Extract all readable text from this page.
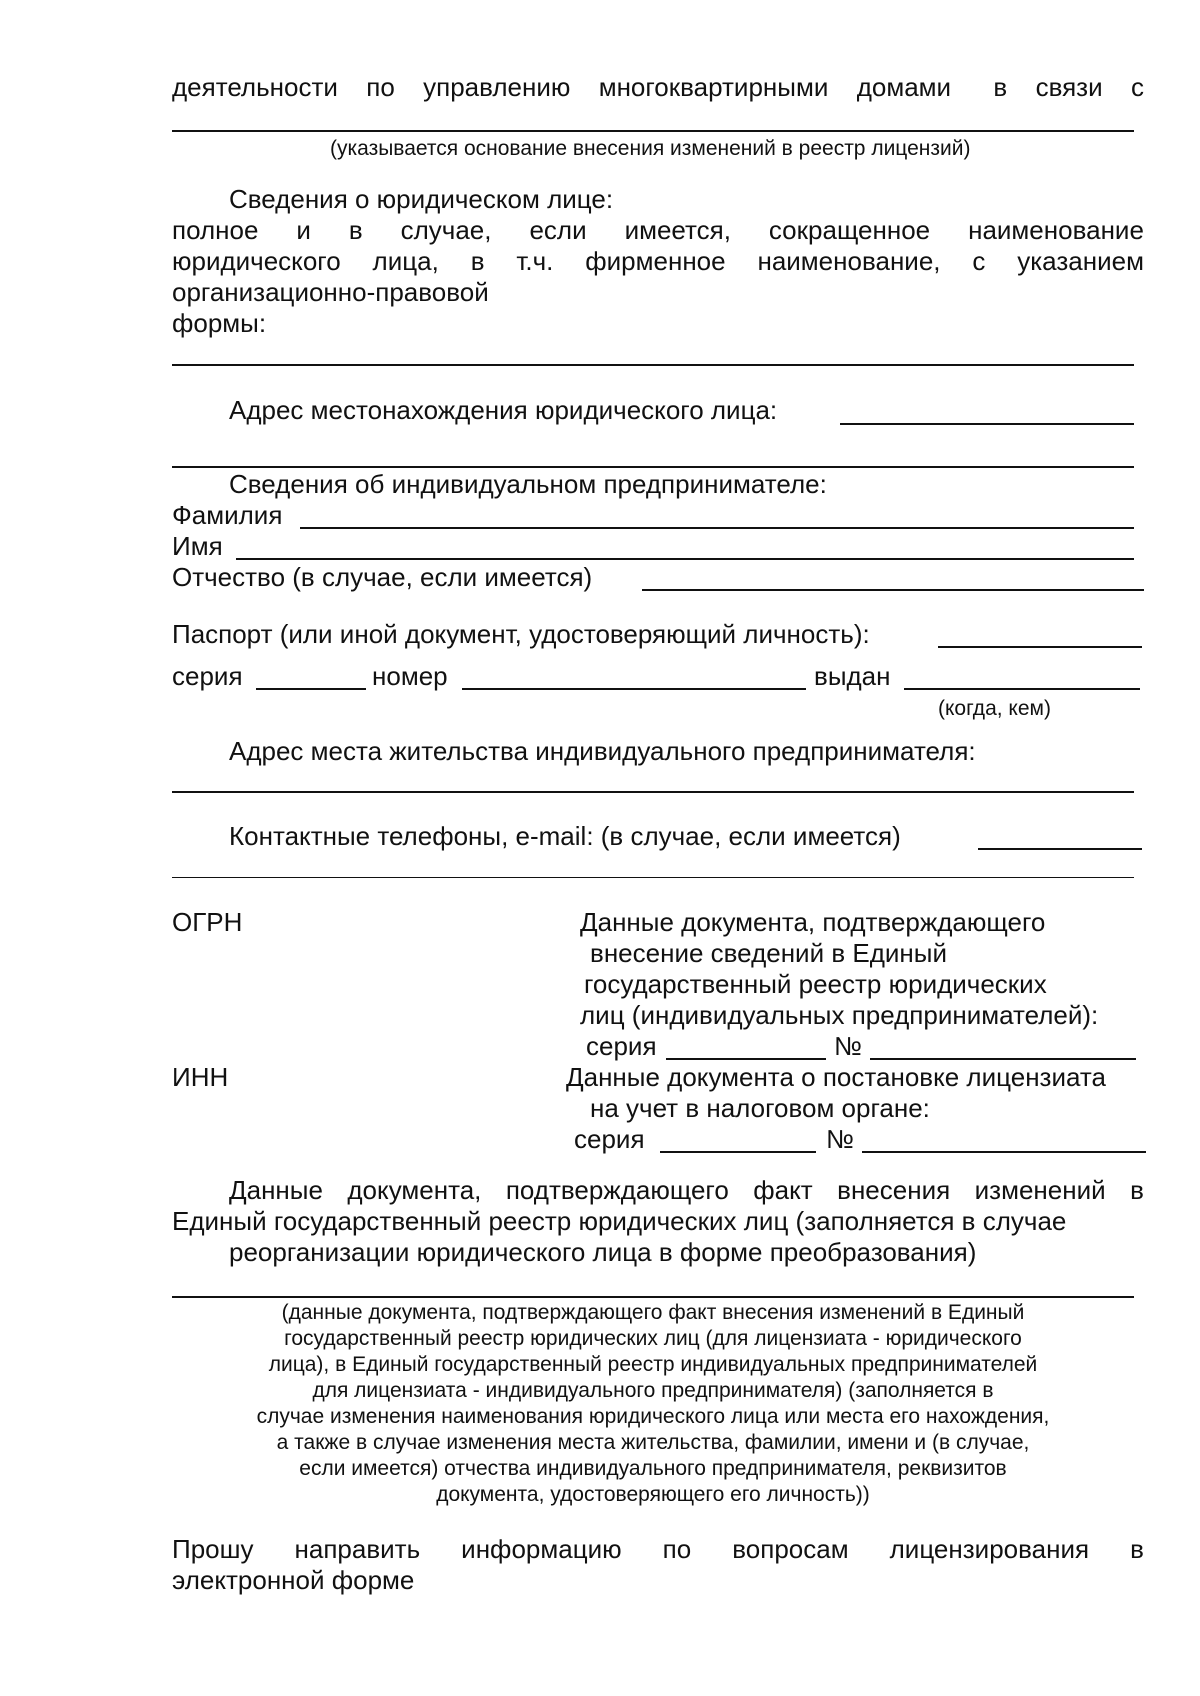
деятельности по управлению многоквартирными домами в связи с
(указывается основание внесения изменений в реестр лицензий)
Сведения о юридическом лице:
полное и в случае, если имеется, сокращенное наименование
юридического лица, в т.ч. фирменное наименование, с указанием
организационно-правовой
формы:
Адрес местонахождения юридического лица:
Сведения об индивидуальном предпринимателе:
Фамилия
Имя
Отчество (в случае, если имеется)
Паспорт (или иной документ, удостоверяющий личность):
серия	номер	выдан
(когда, кем)
Адрес места жительства индивидуального предпринимателя:
Контактные телефоны, e-mail: (в случае, если имеется)
ОГРН	Данные документа, подтверждающего
внесение сведений в Единый
государственный реестр юридических
лиц (индивидуальных предпринимателей):
серия	№
ИНН	Данные документа о постановке лицензиата
на учет в налоговом органе:
серия	№
Данные документа, подтверждающего факт внесения изменений в
Единый государственный реестр юридических лиц (заполняется в случае
реорганизации юридического лица в форме преобразования)
(данные документа, подтверждающего факт внесения изменений в Единый
государственный реестр юридических лиц (для лицензиата - юридического
лица), в Единый государственный реестр индивидуальных предпринимателей
для лицензиата - индивидуального предпринимателя) (заполняется в
случае изменения наименования юридического лица или места его нахождения,
а также в случае изменения места жительства, фамилии, имени и (в случае,
если имеется) отчества индивидуального предпринимателя, реквизитов
документа, удостоверяющего его личность))
Прошу направить информацию по вопросам лицензирования в
электронной форме
